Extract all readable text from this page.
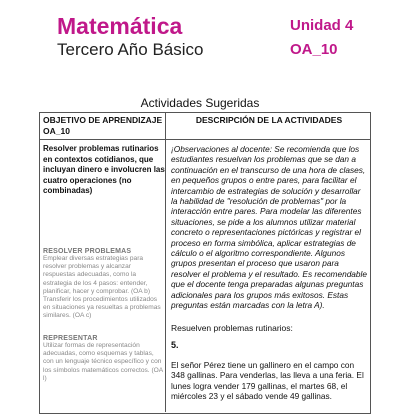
Matemática
Tercero Año Básico
Unidad 4
OA_10
Actividades Sugeridas
OBJETIVO DE APRENDIZAJE OA_10
DESCRIPCIÓN DE LA ACTIVIDADES
Resolver problemas rutinarios en contextos cotidianos, que incluyan dinero e involucren las cuatro operaciones (no combinadas)
RESOLVER PROBLEMAS
Emplear diversas estrategias para resolver problemas y alcanzar respuestas adecuadas, como la estrategia de los 4 pasos: entender, planificar, hacer y comprobar. (OA b) Transferir los procedimientos utilizados en situaciones ya resueltas a problemas similares. (OA c)
REPRESENTAR
Utilizar formas de representación adecuadas, como esquemas y tablas, con un lenguaje técnico específico y con los símbolos matemáticos correctos. (OA l)
¡Observaciones al docente: Se recomienda que los estudiantes resuelvan los problemas que se dan a continuación en el transcurso de una hora de clases, en pequeños grupos o entre pares, para facilitar el intercambio de estrategias de solución y desarrollar la habilidad de "resolución de problemas" por la interacción entre pares. Para modelar las diferentes situaciones, se pide a los alumnos utilizar material concreto o representaciones pictóricas y registrar el proceso en forma simbólica, aplicar estrategias de cálculo o el algoritmo correspondiente. Algunos grupos presentan el proceso que usaron para resolver el problema y el resultado. Es recomendable que el docente tenga preparadas algunas preguntas adicionales para los grupos más exitosos. Estas preguntas están marcadas con la letra A).
Resuelven problemas rutinarios:
5.
El señor Pérez tiene un gallinero en el campo con 348 gallinas. Para venderlas, las lleva a una feria. El lunes logra vender 179 gallinas, el martes 68, el miércoles 23 y el sábado vende 49 gallinas.
